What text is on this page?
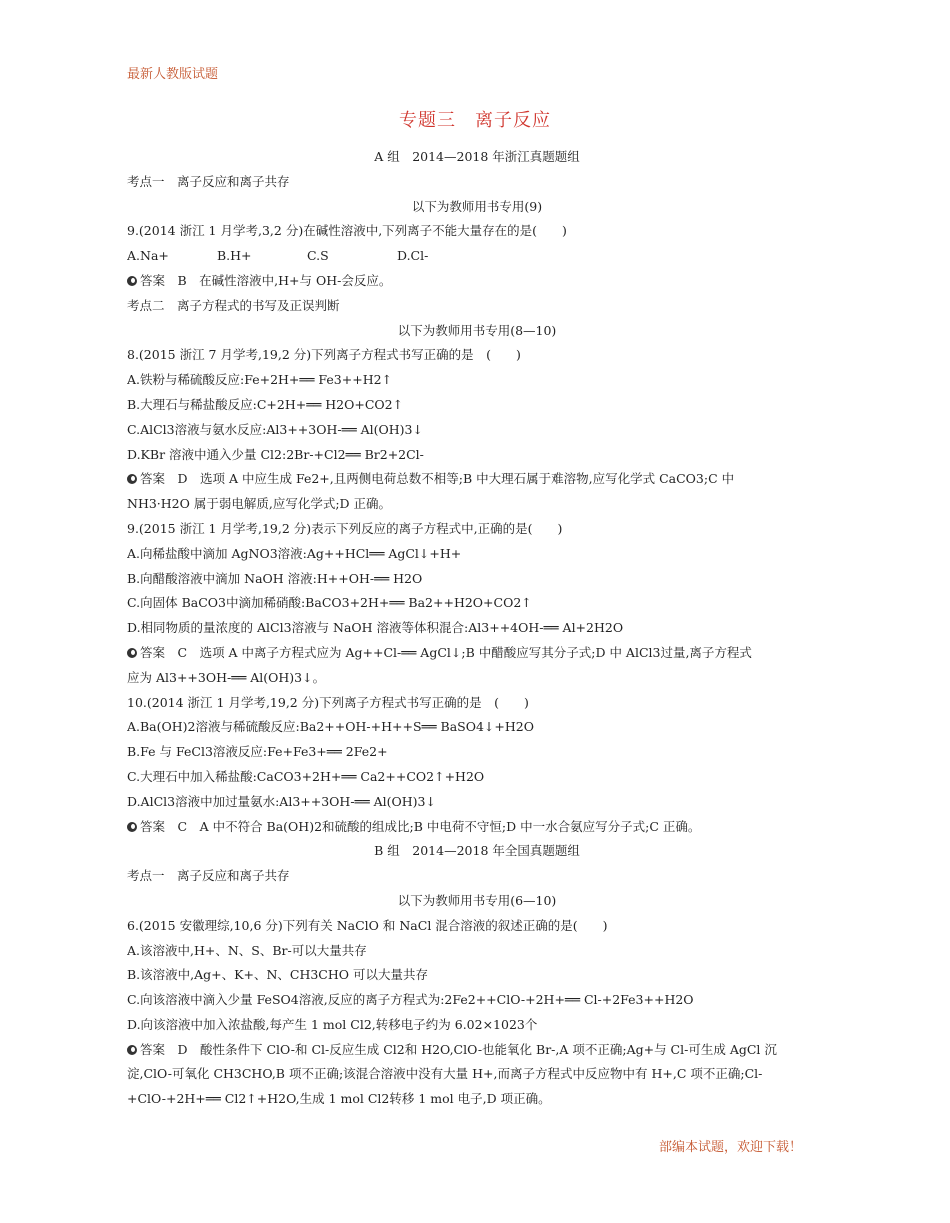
最新人教版试题
专题三　离子反应
A 组　2014—2018 年浙江真题题组
考点一　离子反应和离子共存
以下为教师用书专用(9)
9.(2014 浙江 1 月学考,3,2 分)在碱性溶液中,下列离子不能大量存在的是(　　)
A.Na+	B.H+	C.S	D.Cl-
答案　B　在碱性溶液中,H+与 OH-会反应。
考点二　离子方程式的书写及正误判断
以下为教师用书专用(8—10)
8.(2015 浙江 7 月学考,19,2 分)下列离子方程式书写正确的是　(　　)
A.铁粉与稀硫酸反应:Fe+2H+══ Fe3++H2↑
B.大理石与稀盐酸反应:C+2H+══ H2O+CO2↑
C.AlCl3溶液与氨水反应:Al3++3OH-══ Al(OH)3↓
D.KBr 溶液中通入少量 Cl2:2Br-+Cl2══ Br2+2Cl-
答案　D　选项 A 中应生成 Fe2+,且两侧电荷总数不相等;B 中大理石属于难溶物,应写化学式 CaCO3;C 中
NH3·H2O 属于弱电解质,应写化学式;D 正确。
9.(2015 浙江 1 月学考,19,2 分)表示下列反应的离子方程式中,正确的是(　　)
A.向稀盐酸中滴加 AgNO3溶液:Ag++HCl══ AgCl↓+H+
B.向醋酸溶液中滴加 NaOH 溶液:H++OH-══ H2O
C.向固体 BaCO3中滴加稀硝酸:BaCO3+2H+══ Ba2++H2O+CO2↑
D.相同物质的量浓度的 AlCl3溶液与 NaOH 溶液等体积混合:Al3++4OH-══ Al+2H2O
答案　C　选项 A 中离子方程式应为 Ag++Cl-══ AgCl↓;B 中醋酸应写其分子式;D 中 AlCl3过量,离子方程式
应为 Al3++3OH-══ Al(OH)3↓。
10.(2014 浙江 1 月学考,19,2 分)下列离子方程式书写正确的是　(　　)
A.Ba(OH)2溶液与稀硫酸反应:Ba2++OH-+H++S══ BaSO4↓+H2O
B.Fe 与 FeCl3溶液反应:Fe+Fe3+══ 2Fe2+
C.大理石中加入稀盐酸:CaCO3+2H+══ Ca2++CO2↑+H2O
D.AlCl3溶液中加过量氨水:Al3++3OH-══ Al(OH)3↓
答案　C　A 中不符合 Ba(OH)2和硫酸的组成比;B 中电荷不守恒;D 中一水合氨应写分子式;C 正确。
B 组　2014—2018 年全国真题题组
考点一　离子反应和离子共存
以下为教师用书专用(6—10)
6.(2015 安徽理综,10,6 分)下列有关 NaClO 和 NaCl 混合溶液的叙述正确的是(　　)
A.该溶液中,H+、N、S、Br-可以大量共存
B.该溶液中,Ag+、K+、N、CH3CHO 可以大量共存
C.向该溶液中滴入少量 FeSO4溶液,反应的离子方程式为:2Fe2++ClO-+2H+══ Cl-+2Fe3++H2O
D.向该溶液中加入浓盐酸,每产生 1 mol Cl2,转移电子约为 6.02×1023个
答案　D　酸性条件下 ClO-和 Cl-反应生成 Cl2和 H2O,ClO-也能氧化 Br-,A 项不正确;Ag+与 Cl-可生成 AgCl 沉
淀,ClO-可氧化 CH3CHO,B 项不正确;该混合溶液中没有大量 H+,而离子方程式中反应物中有 H+,C 项不正确;Cl-
+ClO-+2H+══ Cl2↑+H2O,生成 1 mol Cl2转移 1 mol 电子,D 项正确。
部编本试题，欢迎下载！
